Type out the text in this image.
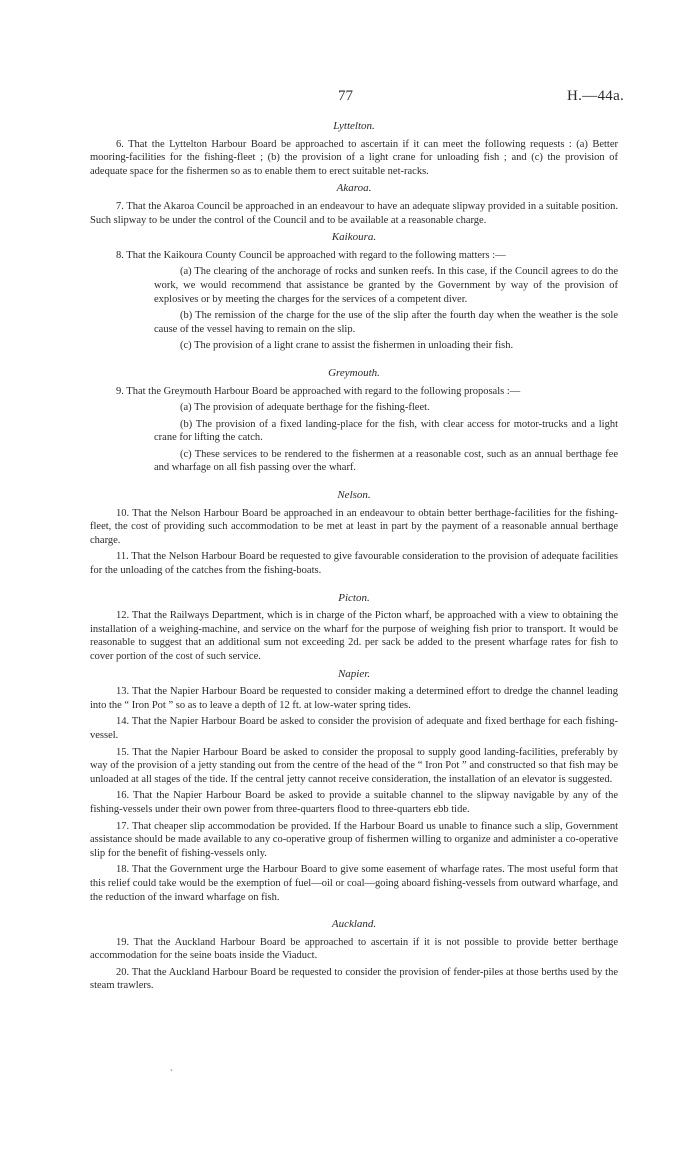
77	H.—44a.
Lyttelton.

6. That the Lyttelton Harbour Board be approached to ascertain if it can meet the following requests : (a) Better mooring-facilities for the fishing-fleet ; (b) the provision of a light crane for unloading fish ; and (c) the provision of adequate space for the fishermen so as to enable them to erect suitable net-racks.

Akaroa.

7. That the Akaroa Council be approached in an endeavour to have an adequate slipway provided in a suitable position. Such slipway to be under the control of the Council and to be available at a reasonable charge.

Kaikoura.

8. That the Kaikoura County Council be approached with regard to the following matters :—

(a) The clearing of the anchorage of rocks and sunken reefs. In this case, if the Council agrees to do the work, we would recommend that assistance be granted by the Government by way of the provision of explosives or by meeting the charges for the services of a competent diver.

(b) The remission of the charge for the use of the slip after the fourth day when the weather is the sole cause of the vessel having to remain on the slip.

(c) The provision of a light crane to assist the fishermen in unloading their fish.

Greymouth.

9. That the Greymouth Harbour Board be approached with regard to the following proposals :—

(a) The provision of adequate berthage for the fishing-fleet.

(b) The provision of a fixed landing-place for the fish, with clear access for motor-trucks and a light crane for lifting the catch.

(c) These services to be rendered to the fishermen at a reasonable cost, such as an annual berthage fee and wharfage on all fish passing over the wharf.

Nelson.

10. That the Nelson Harbour Board be approached in an endeavour to obtain better berthage-facilities for the fishing-fleet, the cost of providing such accommodation to be met at least in part by the payment of a reasonable annual berthage charge.

11. That the Nelson Harbour Board be requested to give favourable consideration to the provision of adequate facilities for the unloading of the catches from the fishing-boats.

Picton.

12. That the Railways Department, which is in charge of the Picton wharf, be approached with a view to obtaining the installation of a weighing-machine, and service on the wharf for the purpose of weighing fish prior to transport. It would be reasonable to suggest that an additional sum not exceeding 2d. per sack be added to the present wharfage rates for fish to cover portion of the cost of such service.

Napier.

13. That the Napier Harbour Board be requested to consider making a determined effort to dredge the channel leading into the “ Iron Pot ” so as to leave a depth of 12 ft. at low-water spring tides.

14. That the Napier Harbour Board be asked to consider the provision of adequate and fixed berthage for each fishing-vessel.

15. That the Napier Harbour Board be asked to consider the proposal to supply good landing-facilities, preferably by way of the provision of a jetty standing out from the centre of the head of the “ Iron Pot ” and constructed so that fish may be unloaded at all stages of the tide. If the central jetty cannot receive consideration, the installation of an elevator is suggested.

16. That the Napier Harbour Board be asked to provide a suitable channel to the slipway navigable by any of the fishing-vessels under their own power from three-quarters flood to three-quarters ebb tide.

17. That cheaper slip accommodation be provided. If the Harbour Board us unable to finance such a slip, Government assistance should be made available to any co-operative group of fishermen willing to organize and administer a co-operative slip for the benefit of fishing-vessels only.

18. That the Government urge the Harbour Board to give some easement of wharfage rates. The most useful form that this relief could take would be the exemption of fuel—oil or coal—going aboard fishing-vessels from outward wharfage, and the reduction of the inward wharfage on fish.

Auckland.

19. That the Auckland Harbour Board be approached to ascertain if it is not possible to provide better berthage accommodation for the seine boats inside the Viaduct.

20. That the Auckland Harbour Board be requested to consider the provision of fender-piles at those berths used by the steam trawlers.

`
